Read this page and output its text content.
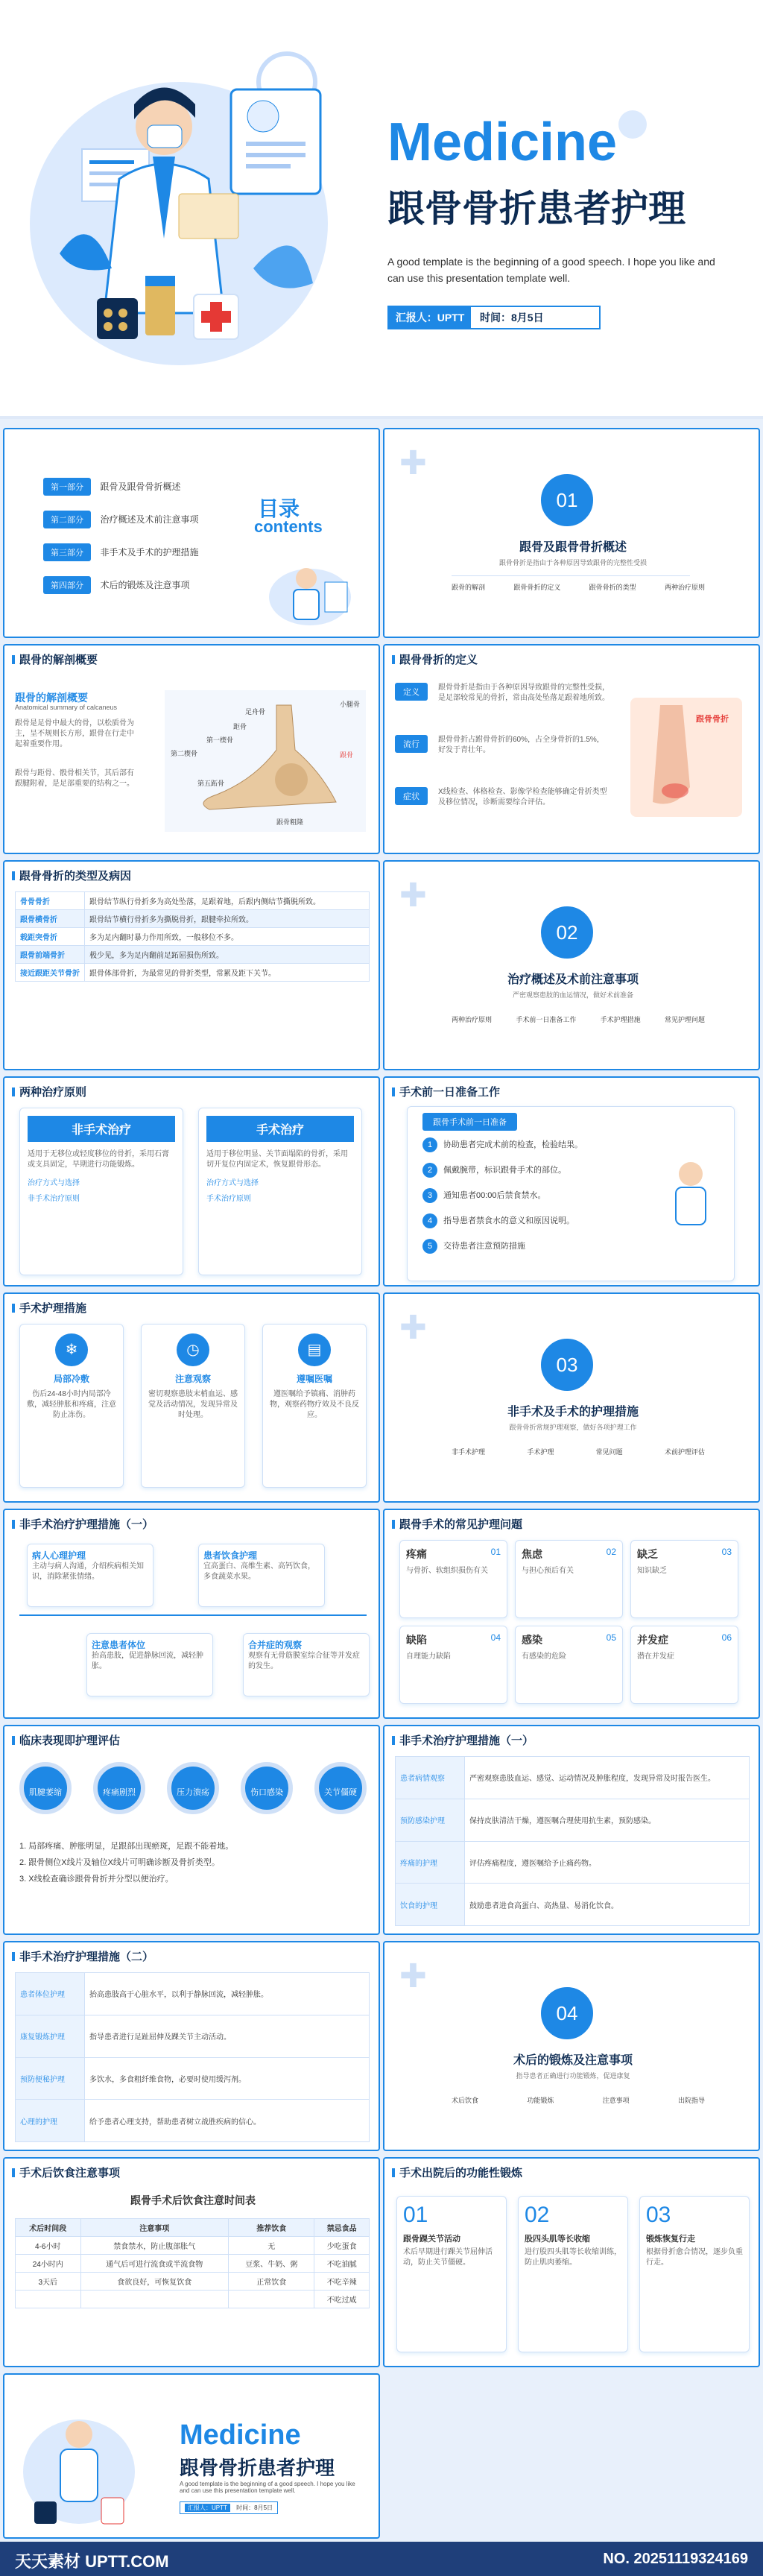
Medicine
跟骨骨折患者护理
A good template is the beginning of a good speech. I hope you like and can use this presentation template well.
汇报人：UPTT	时间：8月5日
第一部分 跟骨及跟骨骨折概述
第二部分 治疗概述及术前注意事项
第三部分 非手术及手术的护理措施
第四部分 术后的锻炼及注意事项
目录
contents
✚
01
跟骨及跟骨骨折概述
跟骨骨折是指由于各种原因导致跟骨的完整性受损
跟骨的解剖	跟骨骨折的定义	跟骨骨折的类型	两种治疗原则
跟骨的解剖概要
跟骨的解剖概要
Anatomical summary of calcaneus
跟骨是足骨中最大的骨，以松质骨为主，呈不规则长方形，跟骨在行走中起着重要作用。
跟骨与距骨、骰骨相关节，其后部有跟腱附着，是足部重要的结构之一。
足舟骨
距骨
第一楔骨
第二楔骨
第五跖骨
小腿骨
跟骨
跟骨粗隆
跟骨骨折的定义
定义
跟骨骨折是指由于各种原因导致跟骨的完整性受损，是足部较常见的骨折，常由高处坠落足跟着地所致。
流行
跟骨骨折占跗骨骨折的60%，占全身骨折的1.5%，好发于青壮年。
症状
X线检查、体格检查、影像学检查能够确定骨折类型及移位情况，诊断需要综合评估。
跟骨骨折
跟骨骨折的类型及病因
骨骨骨折	跟骨结节纵行骨折多为高处坠落，足跟着地，后跟内侧结节撕脱所致。
跟骨横骨折	跟骨结节横行骨折多为撕脱骨折，跟腱牵拉所致。
载距突骨折	多为足内翻时暴力作用所致，一般移位不多。
跟骨前端骨折	极少见，多为足内翻前足跖屈损伤所致。
接近跟距关节骨折	跟骨体部骨折，为最常见的骨折类型，常累及距下关节。
✚
02
治疗概述及术前注意事项
严密观察患肢的血运情况，做好术前准备
两种治疗原则	手术前一日准备工作	手术护理措施	常见护理问题
两种治疗原则
非手术治疗
适用于无移位或轻度移位的骨折，采用石膏或支具固定，早期进行功能锻炼。
治疗方式与选择
非手术治疗原则
手术治疗
适用于移位明显、关节面塌陷的骨折，采用切开复位内固定术，恢复跟骨形态。
治疗方式与选择
手术治疗原则
手术前一日准备工作
跟骨手术前一日准备
1 协助患者完成术前的检查，检验结果。
2 佩戴腕带，标识跟骨手术的部位。
3 通知患者00:00后禁食禁水。
4 指导患者禁食水的意义和原因说明。
5 交待患者注意预防措施
手术护理措施
❄
局部冷敷
伤后24-48小时内局部冷敷，减轻肿胀和疼痛，注意防止冻伤。
◷
注意观察
密切观察患肢末梢血运、感觉及活动情况，发现异常及时处理。
▤
遵嘱医嘱
遵医嘱给予镇痛、消肿药物，观察药物疗效及不良反应。
✚
03
非手术及手术的护理措施
跟骨骨折常规护理观察，做好各项护理工作
非手术护理	手术护理	常见问题	术前护理评估
非手术治疗护理措施（一）
病人心理护理
主动与病人沟通，介绍疾病相关知识，消除紧张情绪。
患者饮食护理
宜高蛋白、高维生素、高钙饮食，多食蔬菜水果。
注意患者体位
抬高患肢，促进静脉回流，减轻肿胀。
合并症的观察
观察有无骨筋膜室综合征等并发症的发生。
跟骨手术的常见护理问题
疼痛	01
与骨折、软组织损伤有关
焦虑	02
与担心预后有关
缺乏	03
知识缺乏
缺陷	04
自理能力缺陷
感染	05
有感染的危险
并发症	06
潜在并发症
临床表现即护理评估
肌腱萎缩	疼痛剧烈	压力溃疡	伤口感染	关节僵硬
1. 局部疼痛、肿胀明显，足跟部出现瘀斑，足跟不能着地。
2. 跟骨侧位X线片及轴位X线片可明确诊断及骨折类型。
3. X线检查确诊跟骨骨折并分型以便治疗。
非手术治疗护理措施（一）
患者病情观察	严密观察患肢血运、感觉、运动情况及肿胀程度，发现异常及时报告医生。
预防感染护理	保持皮肤清洁干燥，遵医嘱合理使用抗生素，预防感染。
疼痛的护理	评估疼痛程度，遵医嘱给予止痛药物。
饮食的护理	鼓励患者进食高蛋白、高热量、易消化饮食。
非手术治疗护理措施（二）
患者体位护理	抬高患肢高于心脏水平，以利于静脉回流，减轻肿胀。
康复锻炼护理	指导患者进行足趾屈伸及踝关节主动活动。
预防便秘护理	多饮水，多食粗纤维食物，必要时使用缓泻剂。
心理的护理	给予患者心理支持，帮助患者树立战胜疾病的信心。
✚
04
术后的锻炼及注意事项
指导患者正确进行功能锻炼，促进康复
术后饮食	功能锻炼	注意事项	出院指导
手术后饮食注意事项
跟骨手术后饮食注意时间表
术后时间段	注意事项	推荐饮食	禁忌食品
4-6小时	禁食禁水，防止腹部胀气	无	少吃蛋食
24小时内	通气后可进行流食或半流食物	豆浆、牛奶、粥	不吃油腻
3天后	食欲良好，可恢复饮食	正常饮食	不吃辛辣
			不吃过咸
手术出院后的功能性锻炼
01
跟骨踝关节活动
术后早期进行踝关节屈伸活动，防止关节僵硬。
02
股四头肌等长收缩
进行股四头肌等长收缩训练，防止肌肉萎缩。
03
锻炼恢复行走
根据骨折愈合情况，逐步负重行走。
Medicine
跟骨骨折患者护理
A good template is the beginning of a good speech. I hope you like and can use this presentation template well.
汇报人：UPTT 时间：8月5日
天天素材 UPTT.COM	NO. 20251119324169
